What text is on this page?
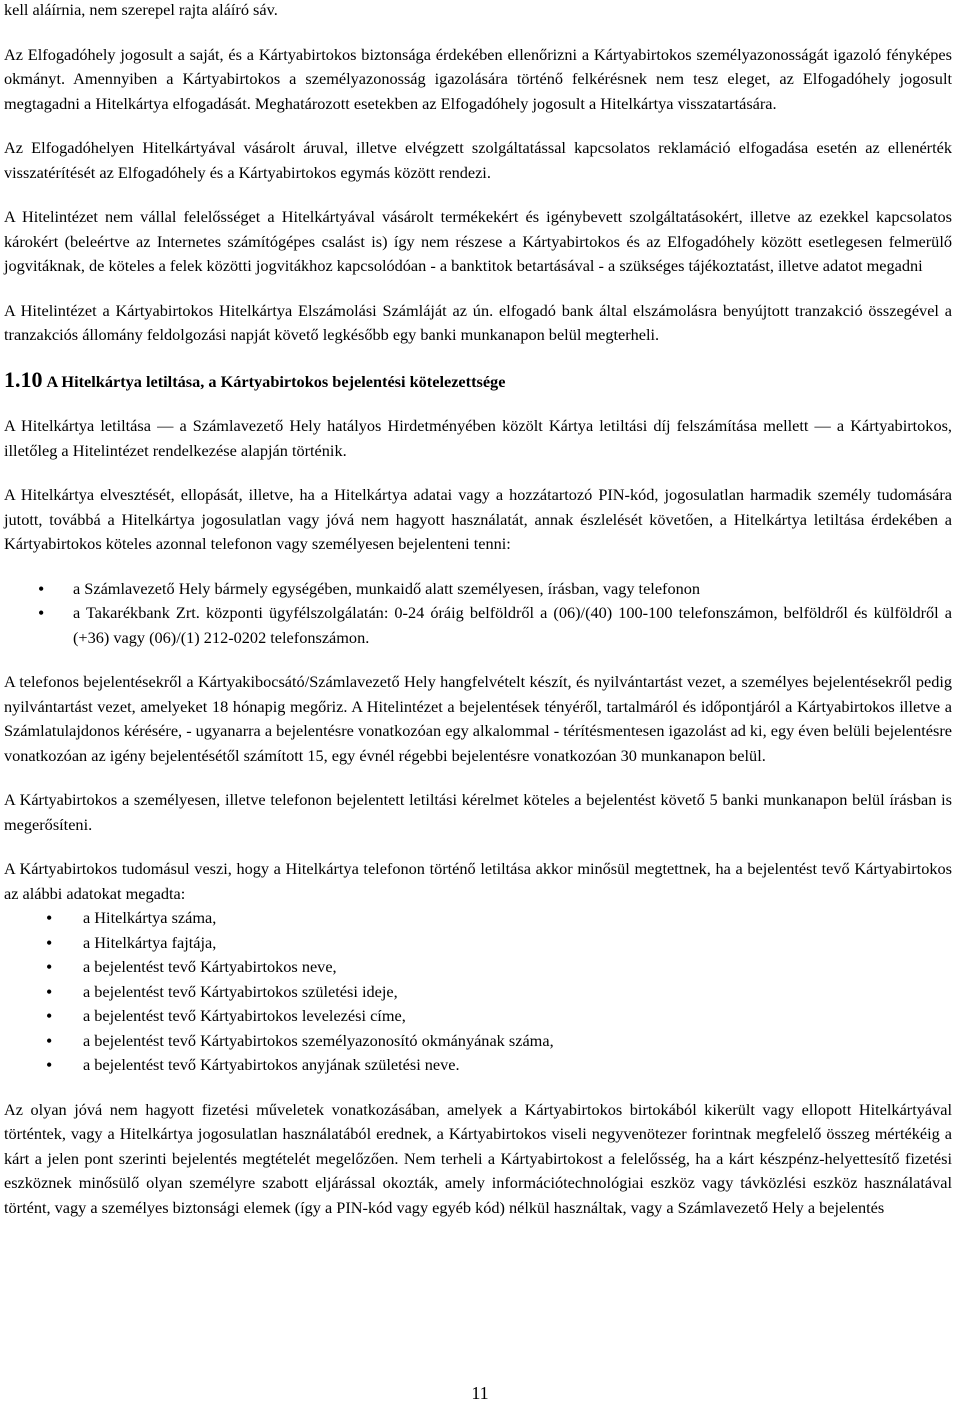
kell aláírnia, nem szerepel rajta aláíró sáv.

Az Elfogadóhely jogosult a saját, és a Kártyabirtokos biztonsága érdekében ellenőrizni a Kártyabirtokos személyazonosságát igazoló fényképes okmányt. Amennyiben a Kártyabirtokos a személyazonosság igazolására történő felkérésnek nem tesz eleget, az Elfogadóhely jogosult megtagadni a Hitelkártya elfogadását. Meghatározott esetekben az Elfogadóhely jogosult a Hitelkártya visszatartására.

Az Elfogadóhelyen Hitelkártyával vásárolt áruval, illetve elvégzett szolgáltatással kapcsolatos reklamáció elfogadása esetén az ellenérték visszatérítését az Elfogadóhely és a Kártyabirtokos egymás között rendezi.

A Hitelintézet nem vállal felelősséget a Hitelkártyával vásárolt termékekért és igénybevett szolgáltatásokért, illetve az ezekkel kapcsolatos károkért (beleértve az Internetes számítógépes csalást is) így nem részese a Kártyabirtokos és az Elfogadóhely között esetlegesen felmerülő jogvitáknak, de köteles a felek közötti jogvitákhoz kapcsolódóan - a banktitok betartásával - a szükséges tájékoztatást, illetve adatot megadni

A Hitelintézet a Kártyabirtokos Hitelkártya Elszámolási Számláját az ún. elfogadó bank által elszámolásra benyújtott tranzakció összegével a tranzakciós állomány feldolgozási napját követő legkésőbb egy banki munkanapon belül megterheli.

1.10 A Hitelkártya letiltása, a Kártyabirtokos bejelentési kötelezettsége

A Hitelkártya letiltása — a Számlavezető Hely hatályos Hirdetményében közölt Kártya letiltási díj felszámítása mellett — a Kártyabirtokos, illetőleg a Hitelintézet rendelkezése alapján történik.

A Hitelkártya elvesztését, ellopását, illetve, ha a Hitelkártya adatai vagy a hozzátartozó PIN-kód, jogosulatlan harmadik személy tudomására jutott, továbbá a Hitelkártya jogosulatlan vagy jóvá nem hagyott használatát, annak észlelését követően, a Hitelkártya letiltása érdekében a Kártyabirtokos köteles azonnal telefonon vagy személyesen bejelenteni tenni:

• a Számlavezető Hely bármely egységében, munkaidő alatt személyesen, írásban, vagy telefonon
• a Takarékbank Zrt. központi ügyfélszolgálatán: 0-24 óráig belföldről a (06)/(40) 100-100 telefonszámon, belföldről és külföldről a (+36) vagy (06)/(1) 212-0202 telefonszámon.

A telefonos bejelentésekről a Kártyakibocsátó/Számlavezető Hely hangfelvételt készít, és nyilvántartást vezet, a személyes bejelentésekről pedig nyilvántartást vezet, amelyeket 18 hónapig megőriz. A Hitelintézet a bejelentések tényéről, tartalmáról és időpontjáról a Kártyabirtokos illetve a Számlatulajdonos kérésére, - ugyanarra a bejelentésre vonatkozóan egy alkalommal - térítésmentesen igazolást ad ki, egy éven belüli bejelentésre vonatkozóan az igény bejelentésétől számított 15, egy évnél régebbi bejelentésre vonatkozóan 30 munkanapon belül.

A Kártyabirtokos a személyesen, illetve telefonon bejelentett letiltási kérelmet köteles a bejelentést követő 5 banki munkanapon belül írásban is megerősíteni.

A Kártyabirtokos tudomásul veszi, hogy a Hitelkártya telefonon történő letiltása akkor minősül megtettnek, ha a bejelentést tevő Kártyabirtokos az alábbi adatokat megadta:

• a Hitelkártya száma,
• a Hitelkártya fajtája,
• a bejelentést tevő Kártyabirtokos neve,
• a bejelentést tevő Kártyabirtokos születési ideje,
• a bejelentést tevő Kártyabirtokos levelezési címe,
• a bejelentést tevő Kártyabirtokos személyazonosító okmányának száma,
• a bejelentést tevő Kártyabirtokos anyjának születési neve.

Az olyan jóvá nem hagyott fizetési műveletek vonatkozásában, amelyek a Kártyabirtokos birtokából kikerült vagy ellopott Hitelkártyával történtek, vagy a Hitelkártya jogosulatlan használatából erednek, a Kártyabirtokos viseli negyvenötezer forintnak megfelelő összeg mértékéig a kárt a jelen pont szerinti bejelentés megtételét megelőzően. Nem terheli a Kártyabirtokost a felelősség, ha a kárt készpénz-helyettesítő fizetési eszköznek minősülő olyan személyre szabott eljárással okozták, amely információtechnológiai eszköz vagy távközlési eszköz használatával történt, vagy a személyes biztonsági elemek (így a PIN-kód vagy egyéb kód) nélkül használtak, vagy a Számlavezető Hely a bejelentés

11
